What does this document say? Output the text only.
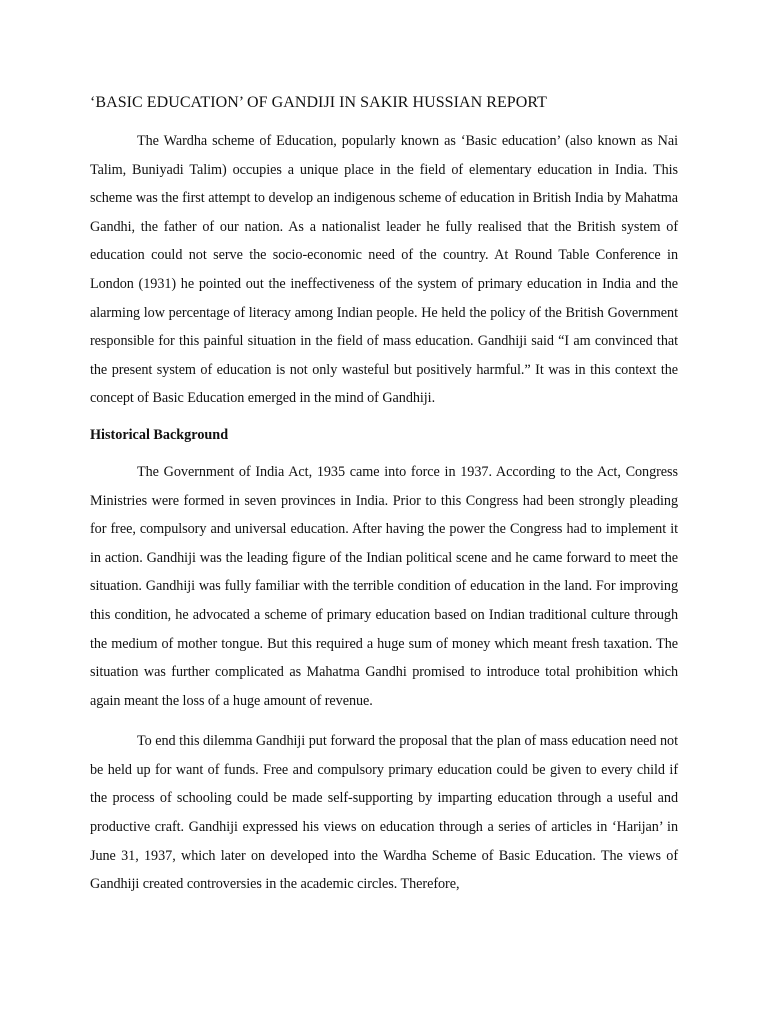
‘BASIC EDUCATION’ OF GANDIJI IN SAKIR HUSSIAN REPORT

The Wardha scheme of Education, popularly known as ‘Basic education’ (also known as Nai Talim, Buniyadi Talim) occupies a unique place in the field of elementary education in India. This scheme was the first attempt to develop an indigenous scheme of education in British India by Mahatma Gandhi, the father of our nation. As a nationalist leader he fully realised that the British system of education could not serve the socio-economic need of the country. At Round Table Conference in London (1931) he pointed out the ineffectiveness of the system of primary education in India and the alarming low percentage of literacy among Indian people. He held the policy of the British Government responsible for this painful situation in the field of mass education. Gandhiji said “I am convinced that the present system of education is not only wasteful but positively harmful.” It was in this context the concept of Basic Education emerged in the mind of Gandhiji.

Historical Background

The Government of India Act, 1935 came into force in 1937. According to the Act, Congress Ministries were formed in seven provinces in India. Prior to this Congress had been strongly pleading for free, compulsory and universal education. After having the power the Congress had to implement it in action. Gandhiji was the leading figure of the Indian political scene and he came forward to meet the situation. Gandhiji was fully familiar with the terrible condition of education in the land. For improving this condition, he advocated a scheme of primary education based on Indian traditional culture through the medium of mother tongue. But this required a huge sum of money which meant fresh taxation. The situation was further complicated as Mahatma Gandhi promised to introduce total prohibition which again meant the loss of a huge amount of revenue.

To end this dilemma Gandhiji put forward the proposal that the plan of mass education need not be held up for want of funds. Free and compulsory primary education could be given to every child if the process of schooling could be made self-supporting by imparting education through a useful and productive craft. Gandhiji expressed his views on education through a series of articles in ‘Harijan’ in June 31, 1937, which later on developed into the Wardha Scheme of Basic Education. The views of Gandhiji created controversies in the academic circles. Therefore,
